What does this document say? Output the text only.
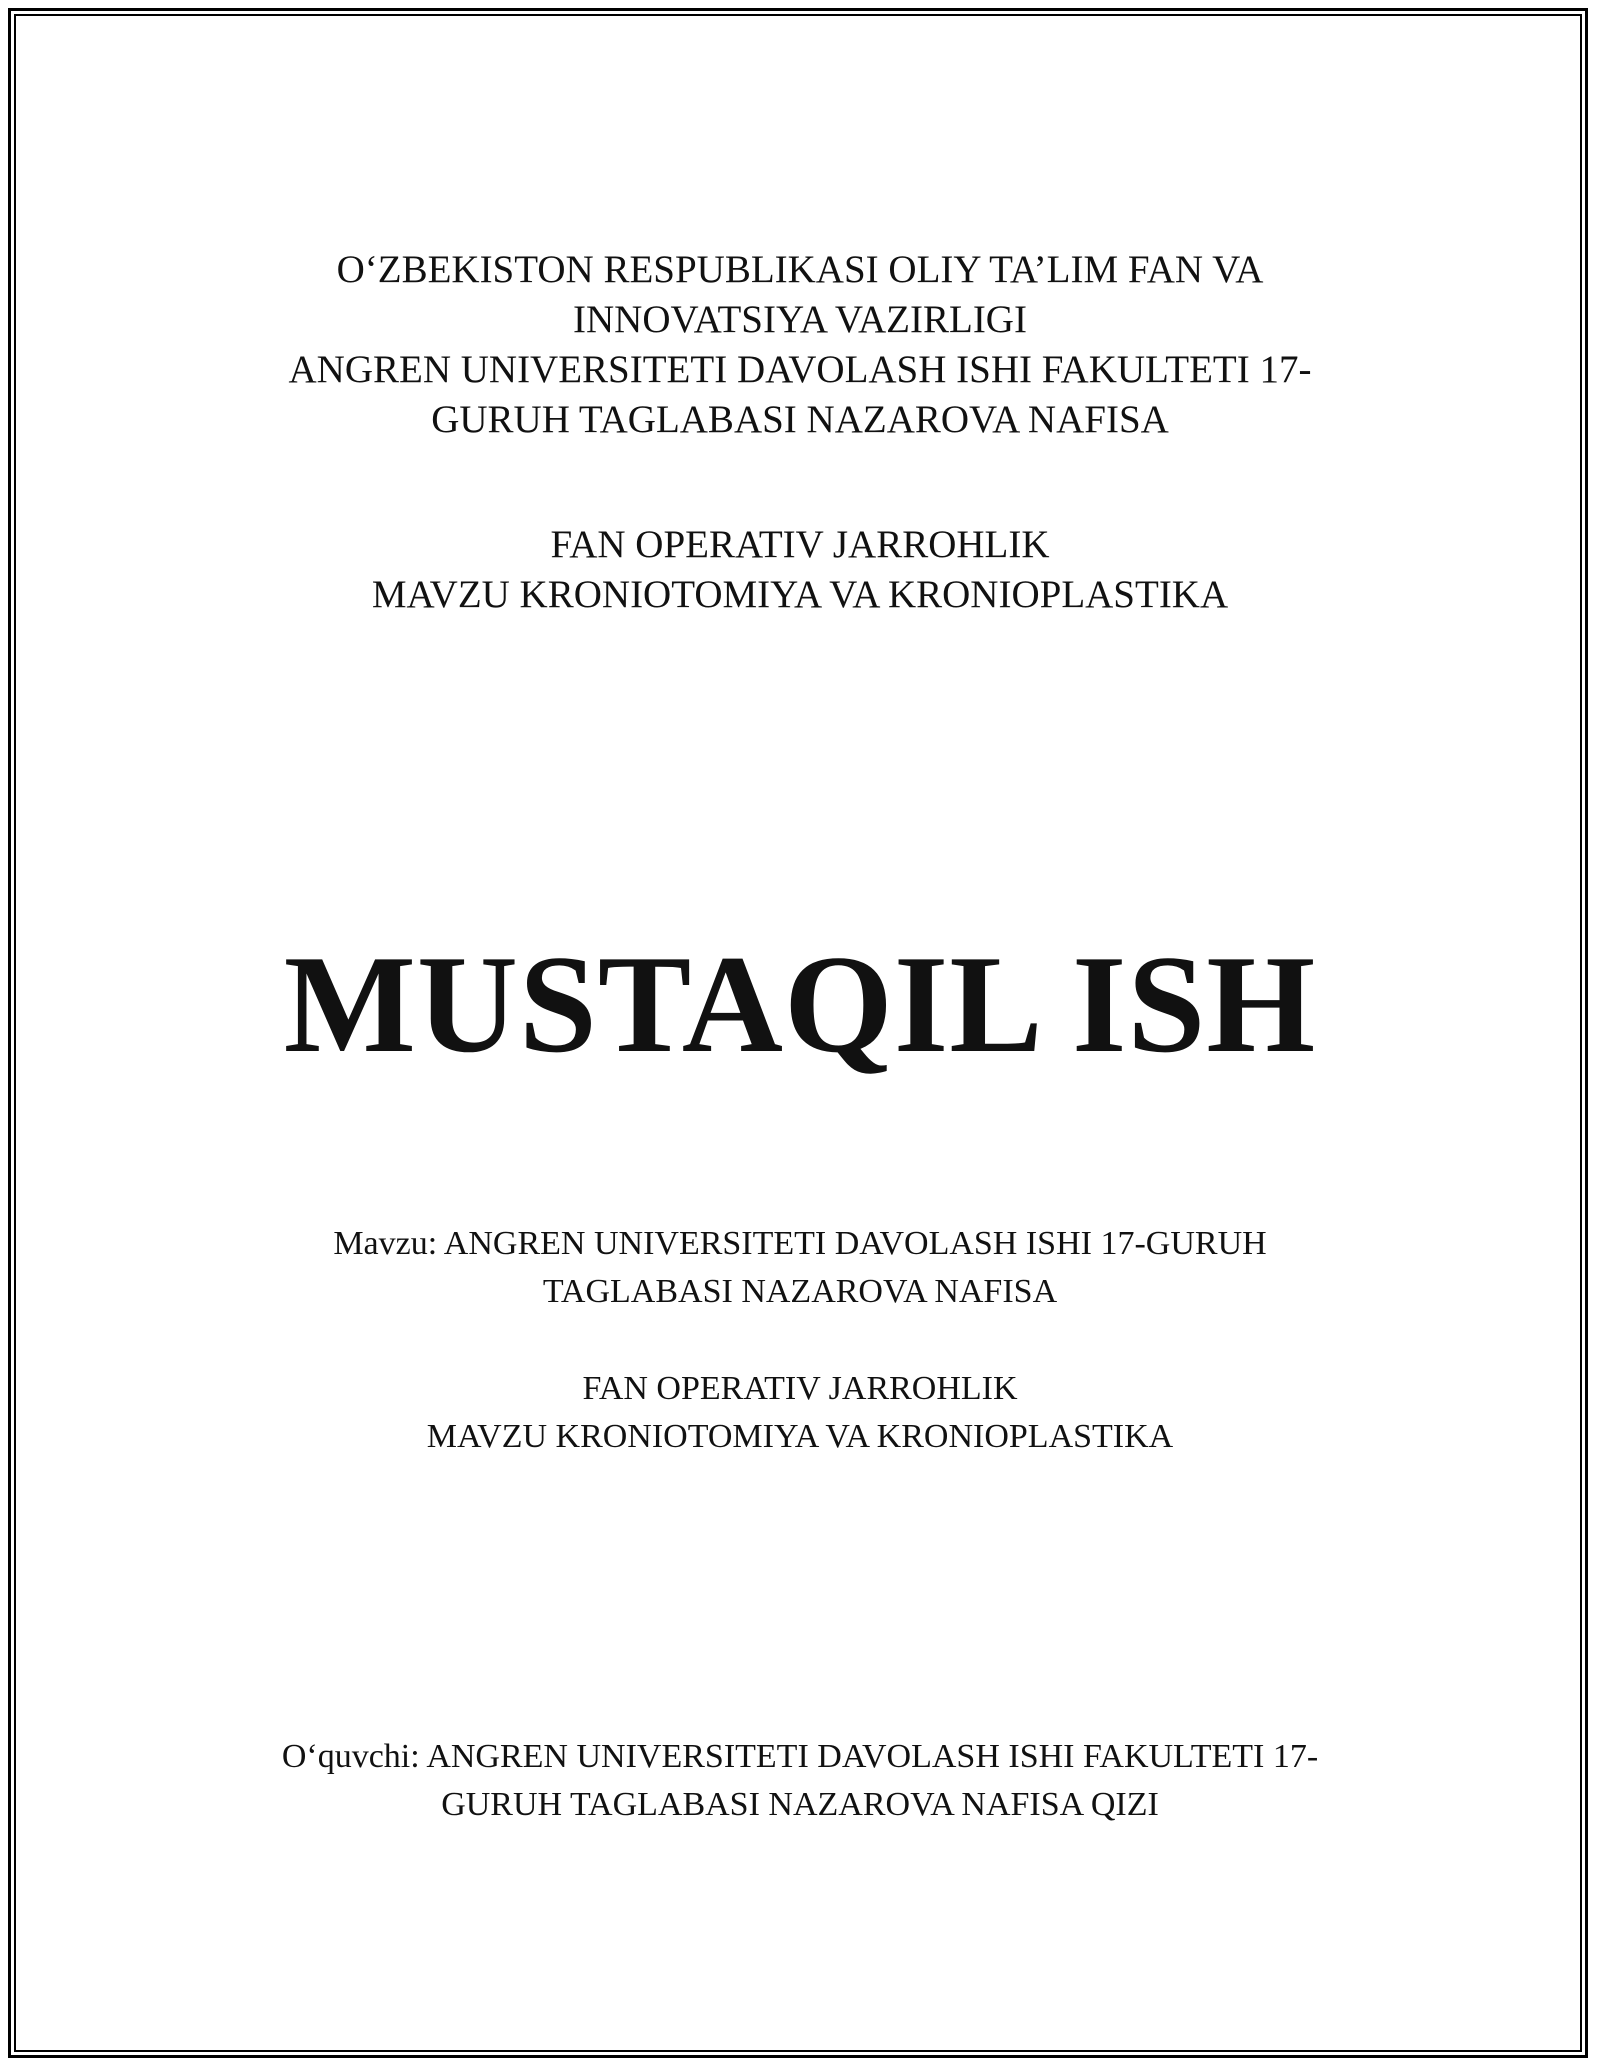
O‘ZBEKISTON RESPUBLIKASI OLIY TA’LIM FAN VA
INNOVATSIYA VAZIRLIGI
ANGREN UNIVERSITETI DAVOLASH ISHI FAKULTETI 17-
GURUH TAGLABASI NAZAROVA NAFISA
FAN OPERATIV JARROHLIK
MAVZU KRONIOTOMIYA VA KRONIOPLASTIKA
MUSTAQIL ISH
Mavzu: ANGREN UNIVERSITETI DAVOLASH ISHI 17-GURUH
TAGLABASI NAZAROVA NAFISA
FAN OPERATIV JARROHLIK
MAVZU KRONIOTOMIYA VA KRONIOPLASTIKA
O‘quvchi: ANGREN UNIVERSITETI DAVOLASH ISHI FAKULTETI 17-
GURUH TAGLABASI NAZAROVA NAFISA QIZI
